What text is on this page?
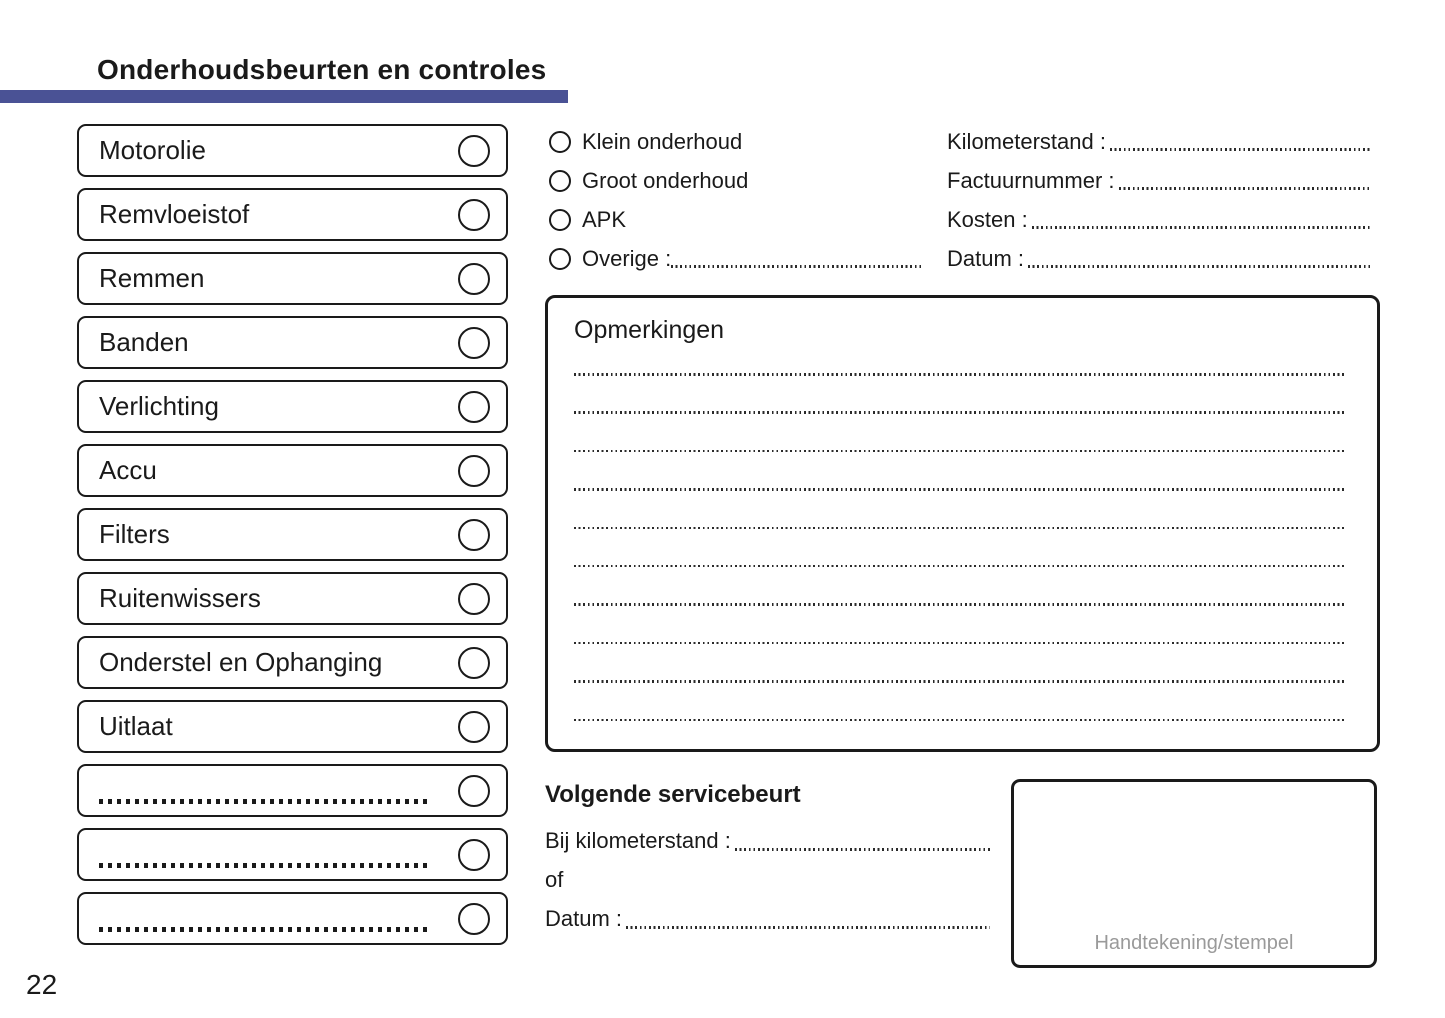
Onderhoudsbeurten en controles
Motorolie
Remvloeistof
Remmen
Banden
Verlichting
Accu
Filters
Ruitenwissers
Onderstel en Ophanging
Uitlaat
Klein onderhoud
Groot onderhoud
APK
Overige :
Kilometerstand :
Factuurnummer :
Kosten :
Datum :
Opmerkingen
Volgende servicebeurt
Bij kilometerstand :
of
Datum :
Handtekening/stempel
22
